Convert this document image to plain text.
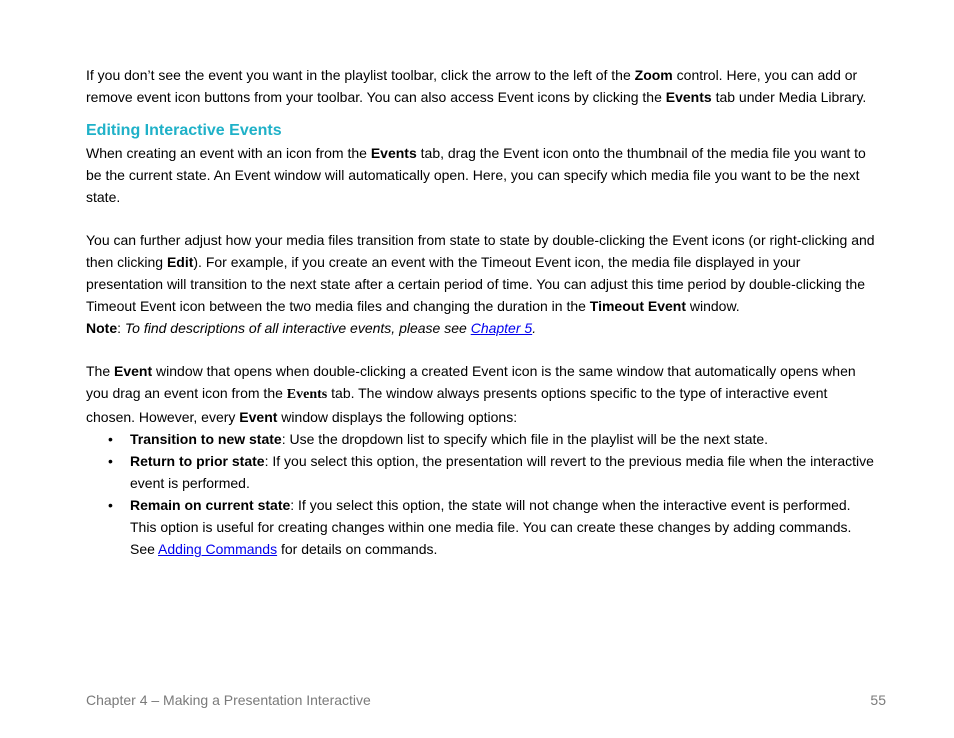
If you don’t see the event you want in the playlist toolbar, click the arrow to the left of the Zoom control. Here, you can add or remove event icon buttons from your toolbar. You can also access Event icons by clicking the Events tab under Media Library.

Editing Interactive Events

When creating an event with an icon from the Events tab, drag the Event icon onto the thumbnail of the media file you want to be the current state. An Event window will automatically open. Here, you can specify which media file you want to be the next state.

You can further adjust how your media files transition from state to state by double-clicking the Event icons (or right-clicking and then clicking Edit). For example, if you create an event with the Timeout Event icon, the media file displayed in your presentation will transition to the next state after a certain period of time. You can adjust this time period by double-clicking the Timeout Event icon between the two media files and changing the duration in the Timeout Event window.

Note: To find descriptions of all interactive events, please see Chapter 5.

The Event window that opens when double-clicking a created Event icon is the same window that automatically opens when you drag an event icon from the Events tab. The window always presents options specific to the type of interactive event chosen. However, every Event window displays the following options:

• Transition to new state: Use the dropdown list to specify which file in the playlist will be the next state.
• Return to prior state: If you select this option, the presentation will revert to the previous media file when the interactive event is performed.
• Remain on current state: If you select this option, the state will not change when the interactive event is performed. This option is useful for creating changes within one media file. You can create these changes by adding commands. See Adding Commands for details on commands.
Chapter 4 – Making a Presentation Interactive	55
